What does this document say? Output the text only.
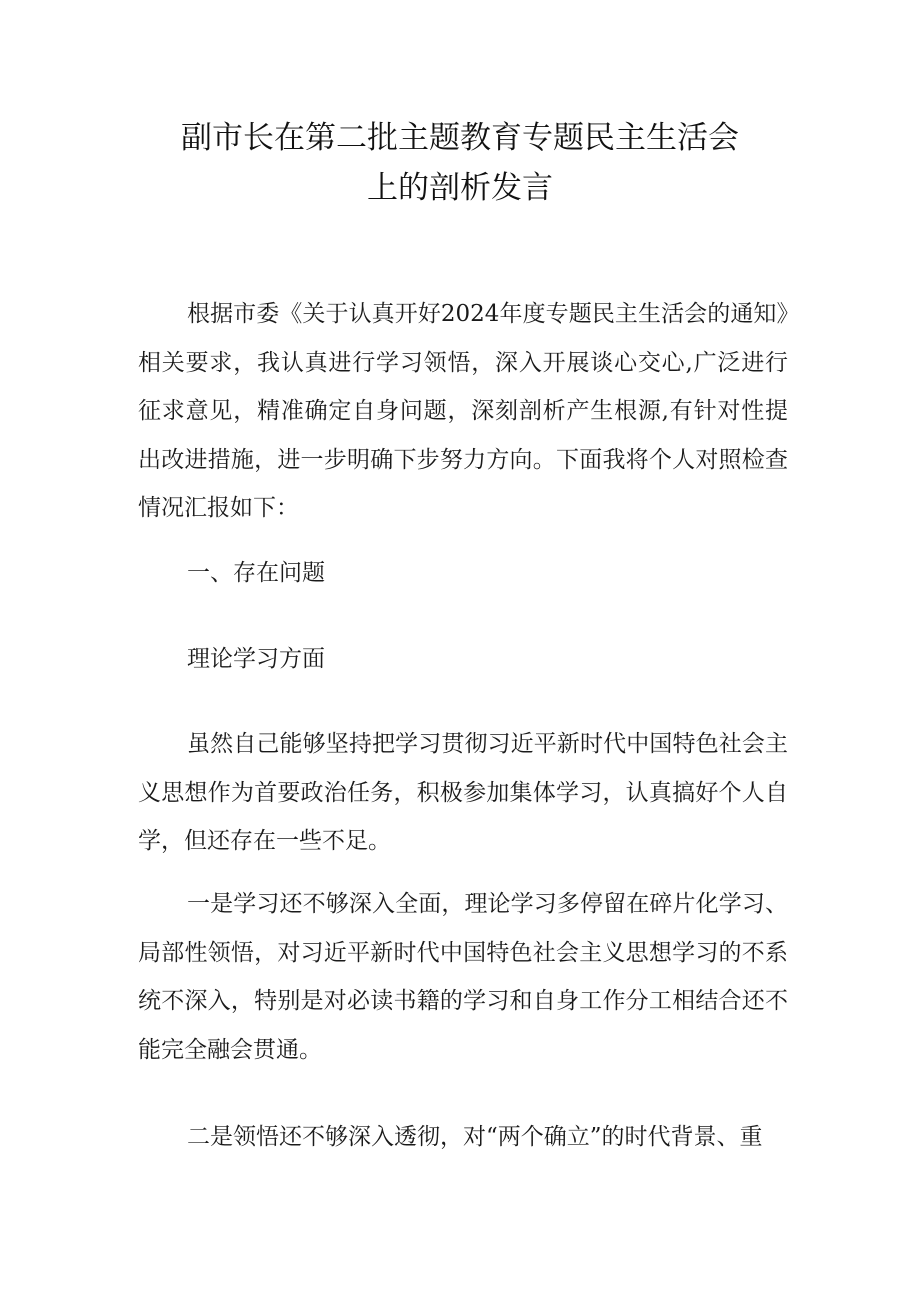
副市长在第二批主题教育专题民主生活会
上的剖析发言

根据市委《关于认真开好2024年度专题民主生活会的通知》相关要求，我认真进行学习领悟，深入开展谈心交心,广泛进行征求意见，精准确定自身问题，深刻剖析产生根源,有针对性提出改进措施，进一步明确下步努力方向。下面我将个人对照检查情况汇报如下：

一、存在问题

理论学习方面

虽然自己能够坚持把学习贯彻习近平新时代中国特色社会主义思想作为首要政治任务，积极参加集体学习，认真搞好个人自学，但还存在一些不足。

一是学习还不够深入全面，理论学习多停留在碎片化学习、局部性领悟，对习近平新时代中国特色社会主义思想学习的不系统不深入，特别是对必读书籍的学习和自身工作分工相结合还不能完全融会贯通。

二是领悟还不够深入透彻，对“两个确立”的时代背景、重
